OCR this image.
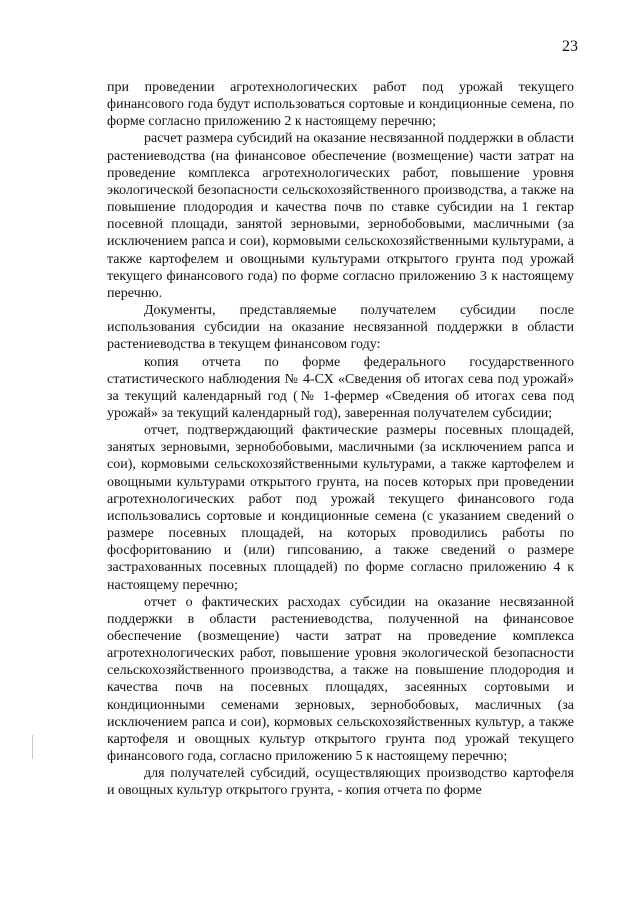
23

при проведении агротехнологических работ под урожай текущего финансового года будут использоваться сортовые и кондиционные семена, по форме согласно приложению 2 к настоящему перечню;

расчет размера субсидий на оказание несвязанной поддержки в области растениеводства (на финансовое обеспечение (возмещение) части затрат на проведение комплекса агротехнологических работ, повышение уровня экологической безопасности сельскохозяйственного производства, а также на повышение плодородия и качества почв по ставке субсидии на 1 гектар посевной площади, занятой зерновыми, зернобобовыми, масличными (за исключением рапса и сои), кормовыми сельскохозяйственными культурами, а также картофелем и овощными культурами открытого грунта под урожай текущего финансового года) по форме согласно приложению 3 к настоящему перечню.

Документы, представляемые получателем субсидии после использования субсидии на оказание несвязанной поддержки в области растениеводства в текущем финансовом году:

копия отчета по форме федерального государственного статистического наблюдения № 4-СХ «Сведения об итогах сева под урожай» за текущий календарный год (№ 1-фермер «Сведения об итогах сева под урожай» за текущий календарный год), заверенная получателем субсидии;

отчет, подтверждающий фактические размеры посевных площадей, занятых зерновыми, зернобобовыми, масличными (за исключением рапса и сои), кормовыми сельскохозяйственными культурами, а также картофелем и овощными культурами открытого грунта, на посев которых при проведении агротехнологических работ под урожай текущего финансового года использовались сортовые и кондиционные семена (с указанием сведений о размере посевных площадей, на которых проводились работы по фосфоритованию и (или) гипсованию, а также сведений о размере застрахованных посевных площадей) по форме согласно приложению 4 к настоящему перечню;

отчет о фактических расходах субсидии на оказание несвязанной поддержки в области растениеводства, полученной на финансовое обеспечение (возмещение) части затрат на проведение комплекса агротехнологических работ, повышение уровня экологической безопасности сельскохозяйственного производства, а также на повышение плодородия и качества почв на посевных площадях, засеянных сортовыми и кондиционными семенами зерновых, зернобобовых, масличных (за исключением рапса и сои), кормовых сельскохозяйственных культур, а также картофеля и овощных культур открытого грунта под урожай текущего финансового года, согласно приложению 5 к настоящему перечню;

для получателей субсидий, осуществляющих производство картофеля и овощных культур открытого грунта, - копия отчета по форме
